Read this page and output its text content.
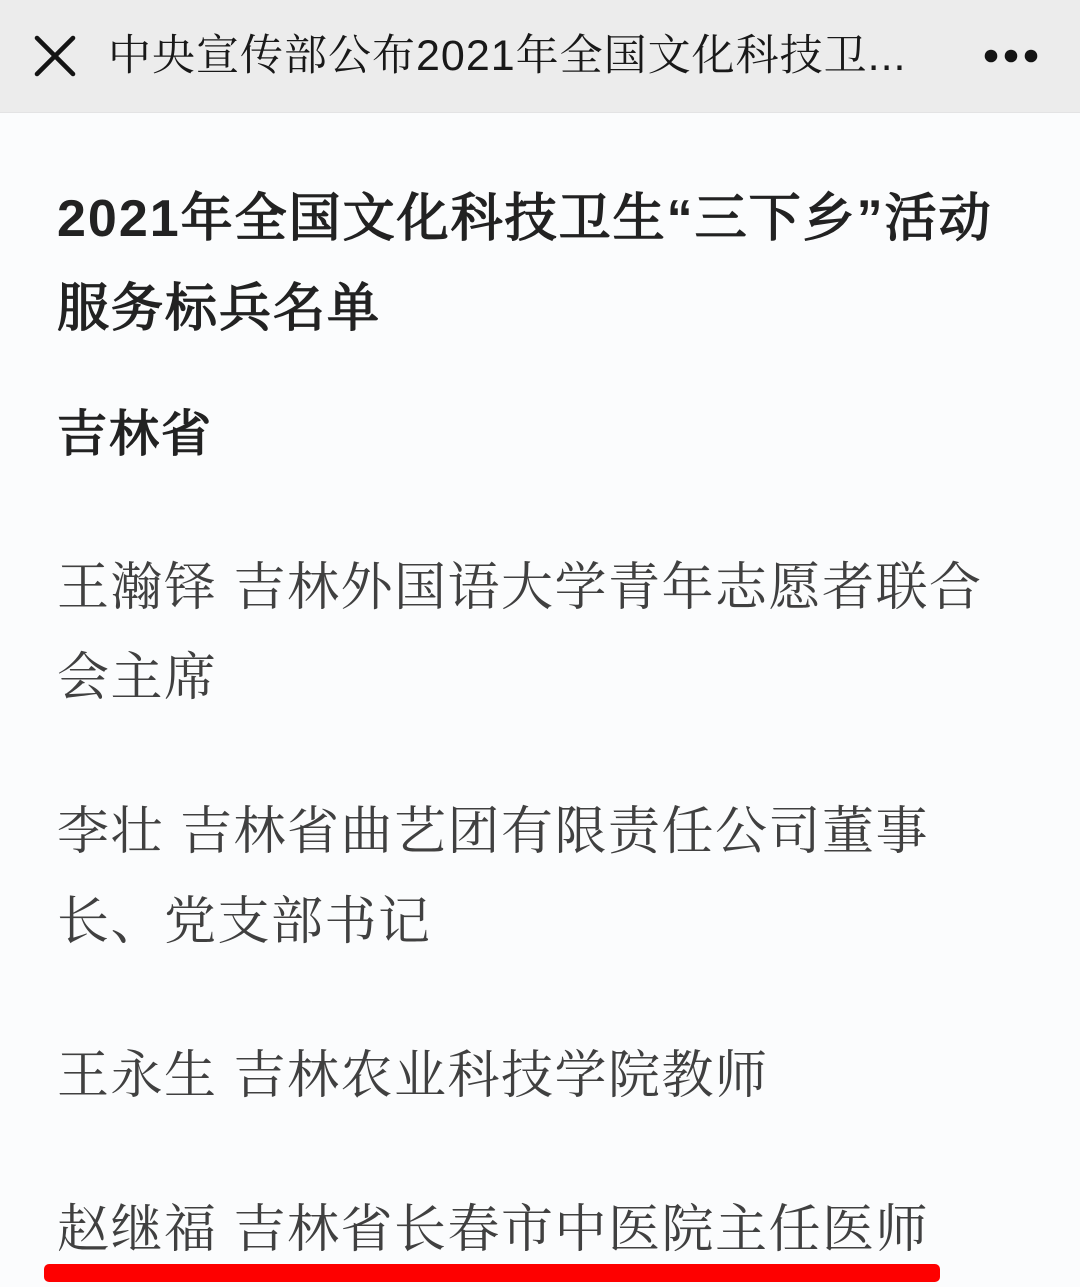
中央宣传部公布2021年全国文化科技卫...
2021年全国文化科技卫生“三下乡”活动服务标兵名单
吉林省

王瀚铎 吉林外国语大学青年志愿者联合会主席

李壮 吉林省曲艺团有限责任公司董事长、党支部书记

王永生 吉林农业科技学院教师

赵继福 吉林省长春市中医院主任医师
